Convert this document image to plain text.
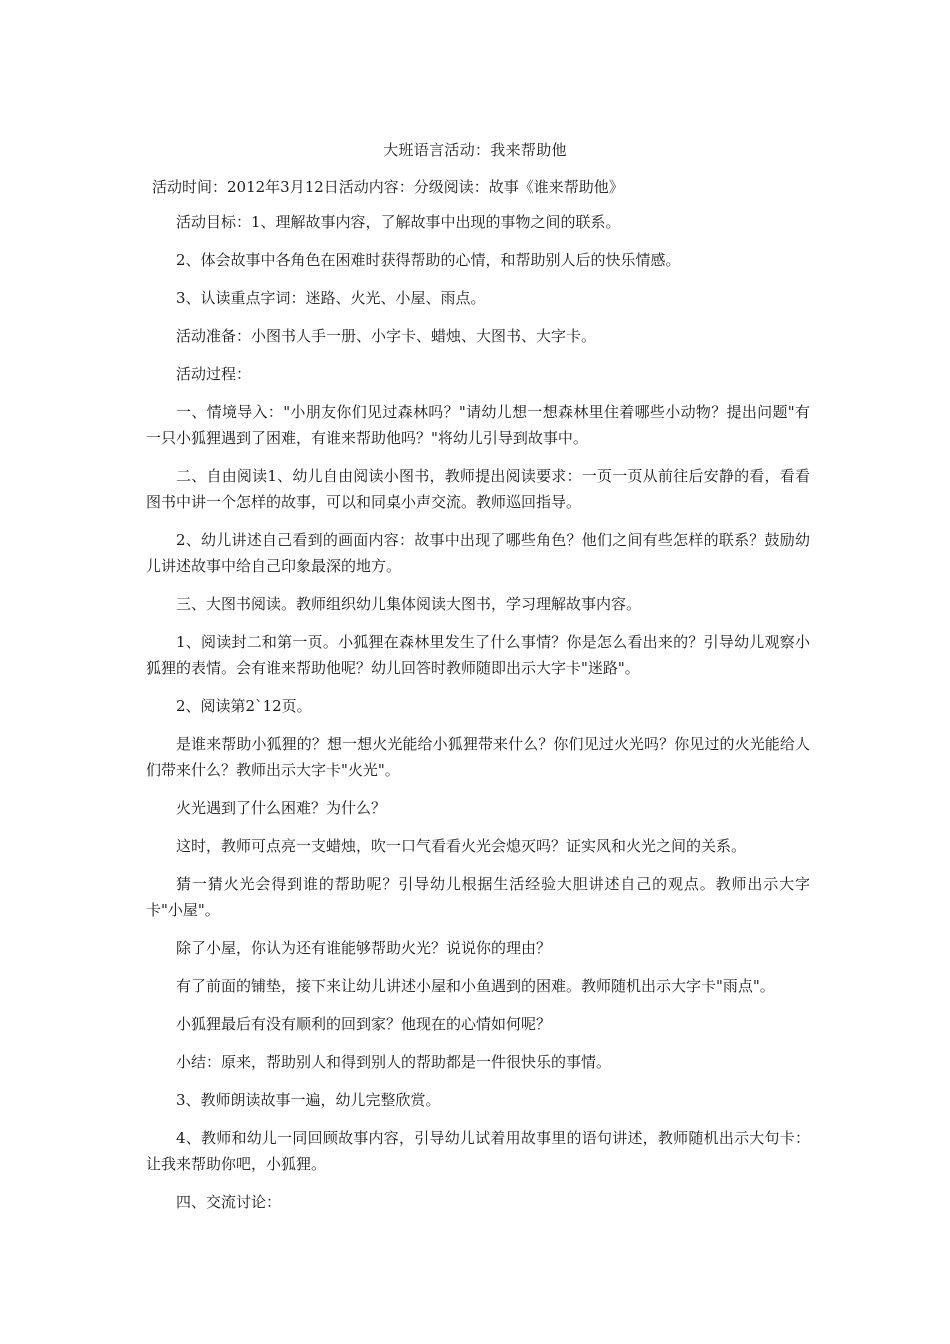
大班语言活动：我来帮助他
活动时间：2012年3月12日活动内容：分级阅读：故事《谁来帮助他》

活动目标：1、理解故事内容，了解故事中出现的事物之间的联系。

2、体会故事中各角色在困难时获得帮助的心情，和帮助别人后的快乐情感。

3、认读重点字词：迷路、火光、小屋、雨点。

活动准备：小图书人手一册、小字卡、蜡烛、大图书、大字卡。

活动过程：

一、情境导入："小朋友你们见过森林吗？"请幼儿想一想森林里住着哪些小动物？提出问题"有一只小狐狸遇到了困难，有谁来帮助他吗？"将幼儿引导到故事中。

二、自由阅读1、幼儿自由阅读小图书，教师提出阅读要求：一页一页从前往后安静的看，看看图书中讲一个怎样的故事，可以和同桌小声交流。教师巡回指导。

2、幼儿讲述自己看到的画面内容：故事中出现了哪些角色？他们之间有些怎样的联系？鼓励幼儿讲述故事中给自己印象最深的地方。

三、大图书阅读。教师组织幼儿集体阅读大图书，学习理解故事内容。

1、阅读封二和第一页。小狐狸在森林里发生了什么事情？你是怎么看出来的？引导幼儿观察小狐狸的表情。会有谁来帮助他呢？幼儿回答时教师随即出示大字卡"迷路"。

2、阅读第2`12页。

是谁来帮助小狐狸的？想一想火光能给小狐狸带来什么？你们见过火光吗？你见过的火光能给人们带来什么？教师出示大字卡"火光"。

火光遇到了什么困难？为什么？

这时，教师可点亮一支蜡烛，吹一口气看看火光会熄灭吗？证实风和火光之间的关系。

猜一猜火光会得到谁的帮助呢？引导幼儿根据生活经验大胆讲述自己的观点。教师出示大字卡"小屋"。

除了小屋，你认为还有谁能够帮助火光？说说你的理由？

有了前面的铺垫，接下来让幼儿讲述小屋和小鱼遇到的困难。教师随机出示大字卡"雨点"。

小狐狸最后有没有顺利的回到家？他现在的心情如何呢？

小结：原来，帮助别人和得到别人的帮助都是一件很快乐的事情。

3、教师朗读故事一遍，幼儿完整欣赏。

4、教师和幼儿一同回顾故事内容，引导幼儿试着用故事里的语句讲述，教师随机出示大句卡：让我来帮助你吧，小狐狸。

四、交流讨论：
